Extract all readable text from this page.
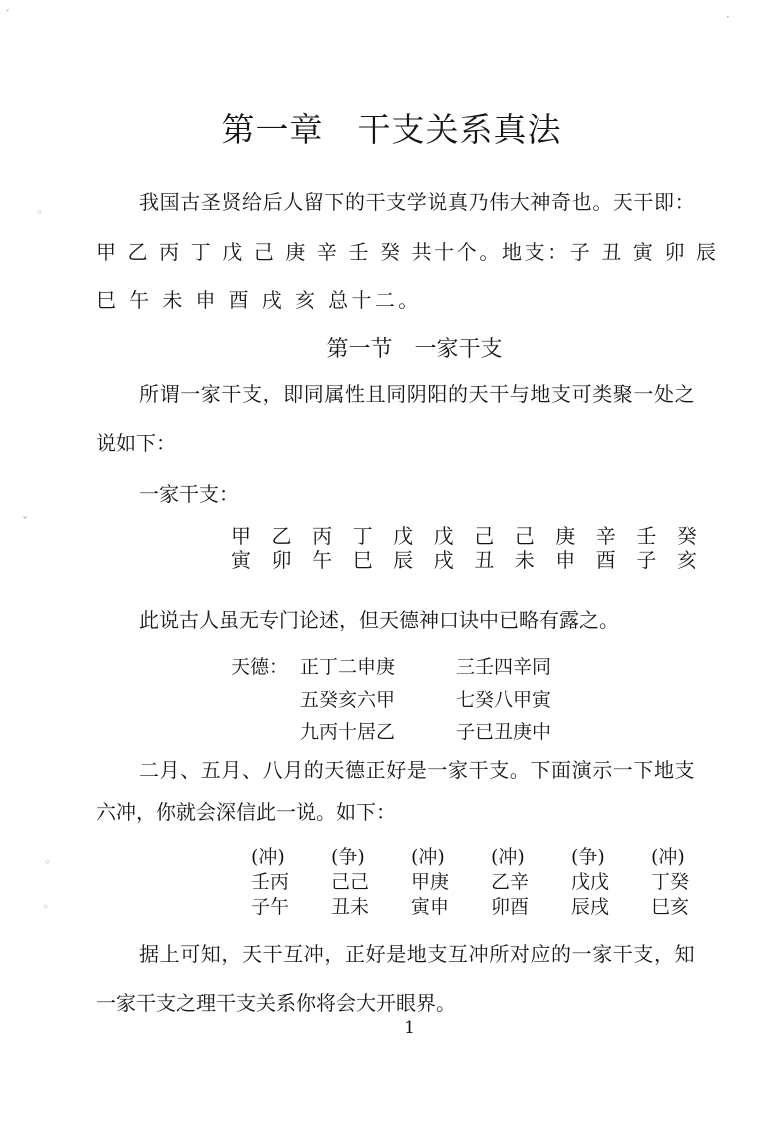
第一章　干支关系真法
我国古圣贤给后人留下的干支学说真乃伟大神奇也。天干即：
甲 乙 丙 丁 戊 己 庚 辛 壬 癸 共十个。地支：子 丑 寅 卯 辰
巳 午 未 申 酉 戌 亥 总十二。
第一节　一家干支
所谓一家干支，即同属性且同阴阳的天干与地支可类聚一处之
说如下：
一家干支：
甲 乙 丙 丁 戊 戊 己 己 庚 辛 壬 癸
寅 卯 午 巳 辰 戌 丑 未 申 酉 子 亥
此说古人虽无专门论述，但天德神口诀中已略有露之。
天德： 正丁二申庚	三壬四辛同
五癸亥六甲	七癸八甲寅
九丙十居乙	子已丑庚中
二月、五月、八月的天德正好是一家干支。下面演示一下地支
六冲，你就会深信此一说。如下：
(冲)	(争)	(冲)	(冲)	(争)	(冲)
壬丙	己己	甲庚	乙辛	戊戊	丁癸
子午	丑未	寅申	卯酉	辰戌	巳亥
据上可知，天干互冲，正好是地支互冲所对应的一家干支，知
一家干支之理干支关系你将会大开眼界。
1
ˊ
◦
ˇ
◦
◦
·
